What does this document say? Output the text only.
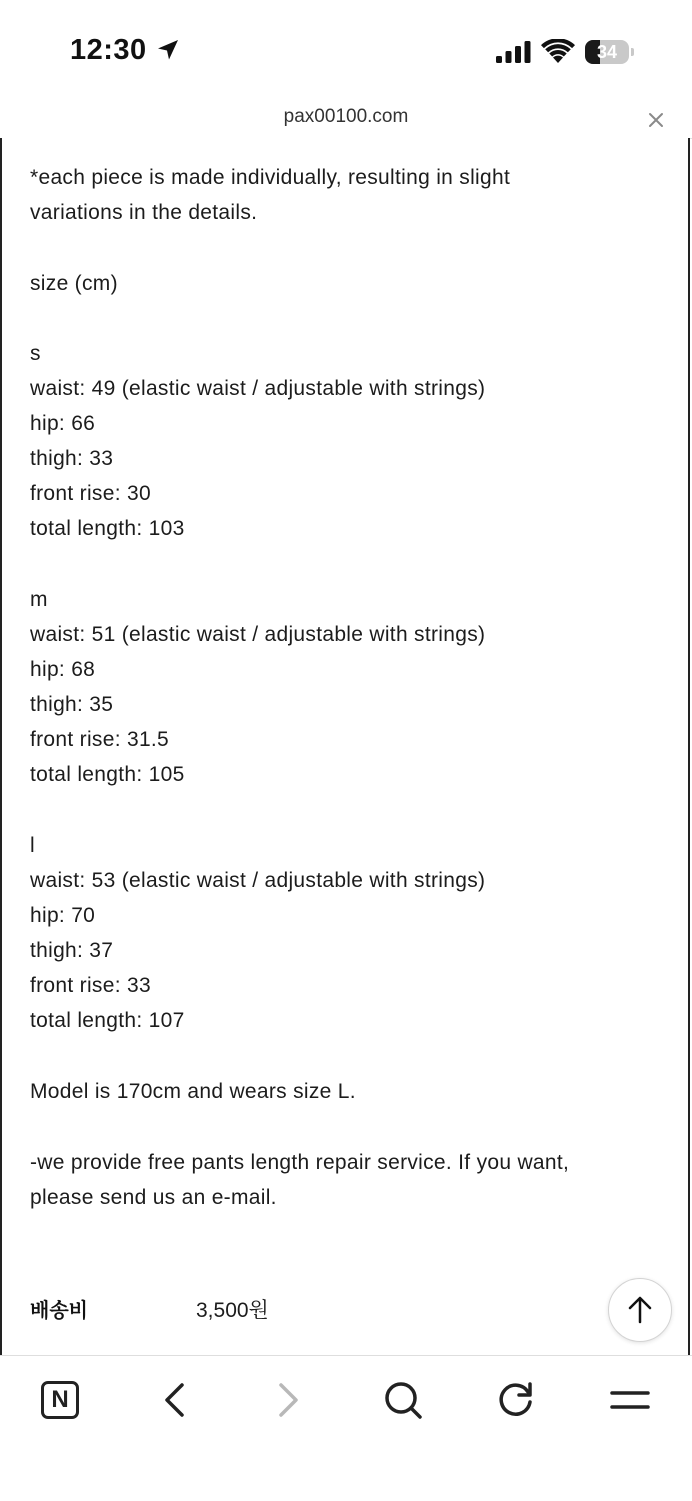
12:30	34
pax00100.com
*each piece is made individually, resulting in slight
variations in the details.
size (cm)
s
waist: 49 (elastic waist / adjustable with strings)
hip: 66
thigh: 33
front rise: 30
total length: 103
m
waist: 51 (elastic waist / adjustable with strings)
hip: 68
thigh: 35
front rise: 31.5
total length: 105
l
waist: 53 (elastic waist / adjustable with strings)
hip: 70
thigh: 37
front rise: 33
total length: 107
Model is 170cm and wears size L.
-we provide free pants length repair service. If you want,
please send us an e-mail.
배송비	3,500원
N
